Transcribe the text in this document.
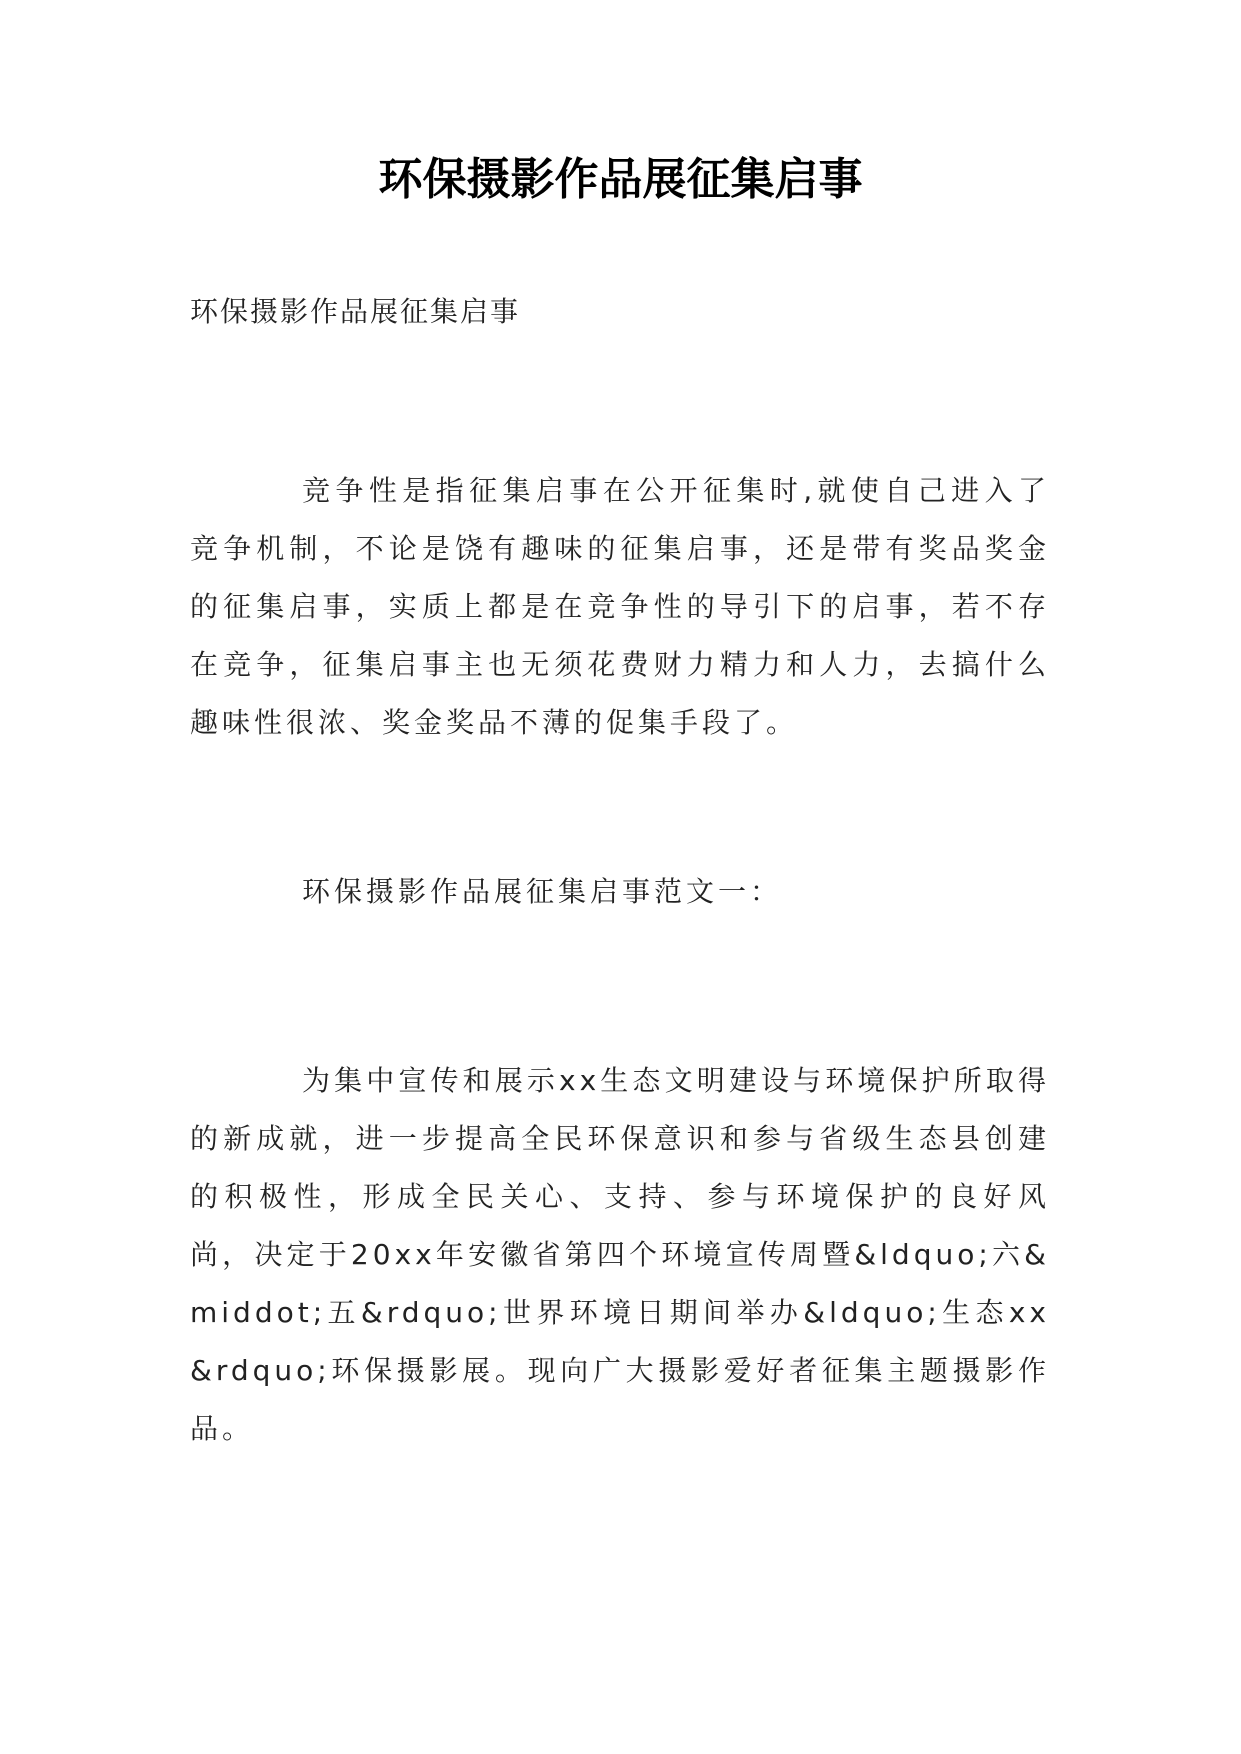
环保摄影作品展征集启事

环保摄影作品展征集启事

竞争性是指征集启事在公开征集时,就使自己进入了竞争机制，不论是饶有趣味的征集启事，还是带有奖品奖金的征集启事，实质上都是在竞争性的导引下的启事，若不存在竞争，征集启事主也无须花费财力精力和人力，去搞什么趣味性很浓、奖金奖品不薄的促集手段了。

环保摄影作品展征集启事范文一：

为集中宣传和展示xx生态文明建设与环境保护所取得的新成就，进一步提高全民环保意识和参与省级生态县创建的积极性，形成全民关心、支持、参与环境保护的良好风尚，决定于20xx年安徽省第四个环境宣传周暨&ldquo;六&middot;五&rdquo;世界环境日期间举办&ldquo;生态xx&rdquo;环保摄影展。现向广大摄影爱好者征集主题摄影作品。
